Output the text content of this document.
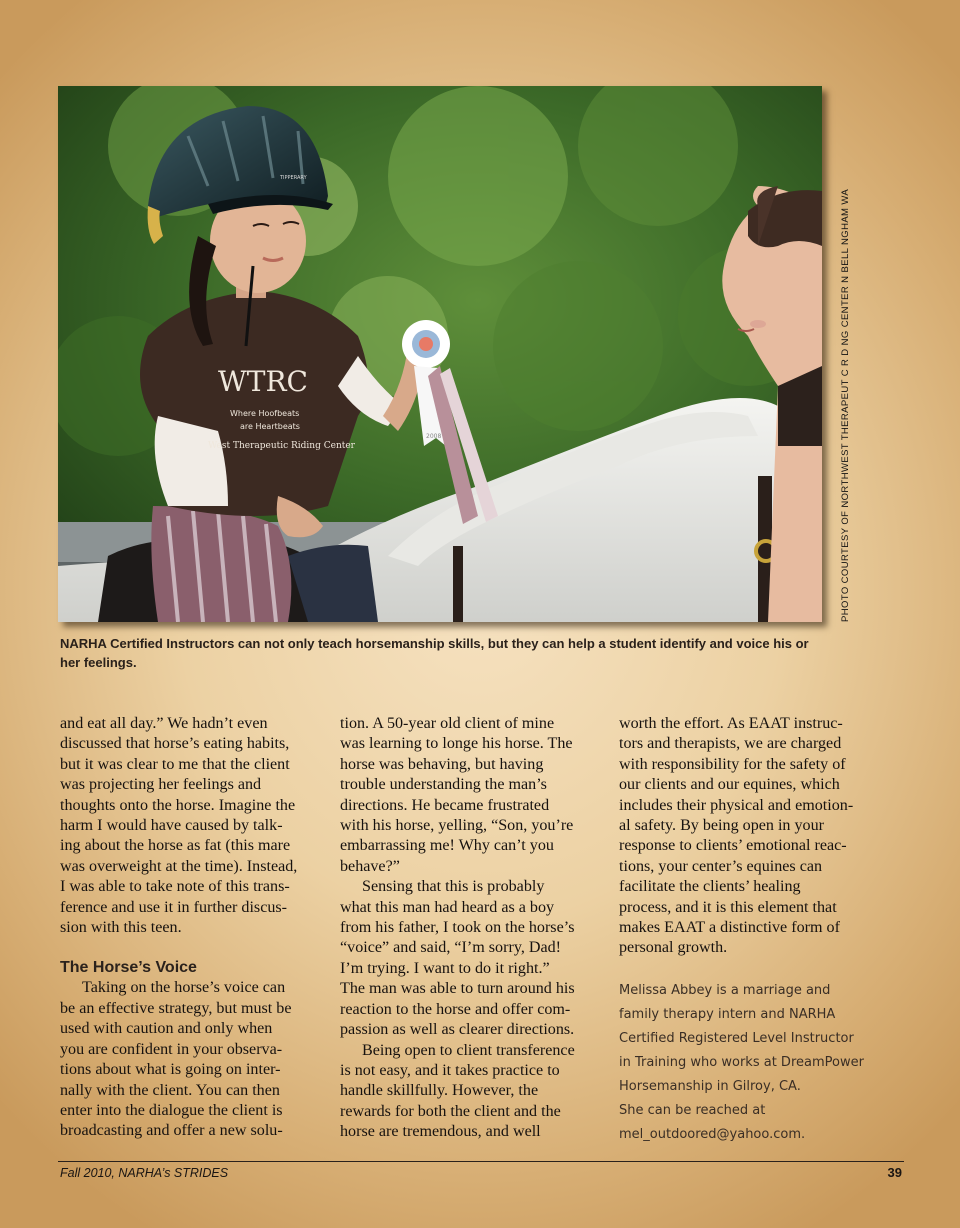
WTRC
Where Hoofbeats
are Heartbeats
West Therapeutic Riding Center
TIPPERARY
2008	PHOTO COURTESY OF NORTHWEST THERAPEUT C R D NG CENTER N BELL NGHAM WA
NARHA Certified Instructors can not only teach horsemanship skills, but they can help a student identify and voice his or her feelings.

and eat all day.” We hadn’t even
discussed that horse’s eating habits,
but it was clear to me that the client
was projecting her feelings and
thoughts onto the horse. Imagine the
harm I would have caused by talk-
ing about the horse as fat (this mare
was overweight at the time). Instead,
I was able to take note of this trans-
ference and use it in further discus-
sion with this teen.

The Horse’s Voice

Taking on the horse’s voice can
be an effective strategy, but must be
used with caution and only when
you are confident in your observa-
tions about what is going on inter-
nally with the client. You can then
enter into the dialogue the client is
broadcasting and offer a new solu-

tion. A 50-year old client of mine
was learning to longe his horse. The
horse was behaving, but having
trouble understanding the man’s
directions. He became frustrated
with his horse, yelling, “Son, you’re
embarrassing me! Why can’t you
behave?”

Sensing that this is probably
what this man had heard as a boy
from his father, I took on the horse’s
“voice” and said, “I’m sorry, Dad!
I’m trying. I want to do it right.”
The man was able to turn around his
reaction to the horse and offer com-
passion as well as clearer directions.

Being open to client transference
is not easy, and it takes practice to
handle skillfully. However, the
rewards for both the client and the
horse are tremendous, and well

worth the effort. As EAAT instruc-
tors and therapists, we are charged
with responsibility for the safety of
our clients and our equines, which
includes their physical and emotion-
al safety. By being open in your
response to clients’ emotional reac-
tions, your center’s equines can
facilitate the clients’ healing
process, and it is this element that
makes EAAT a distinctive form of
personal growth.

Melissa Abbey is a marriage and
family therapy intern and NARHA
Certified Registered Level Instructor
in Training who works at DreamPower
Horsemanship in Gilroy, CA.
She can be reached at
mel_outdoored@yahoo.com.
Fall 2010, NARHA’s STRIDES	39
